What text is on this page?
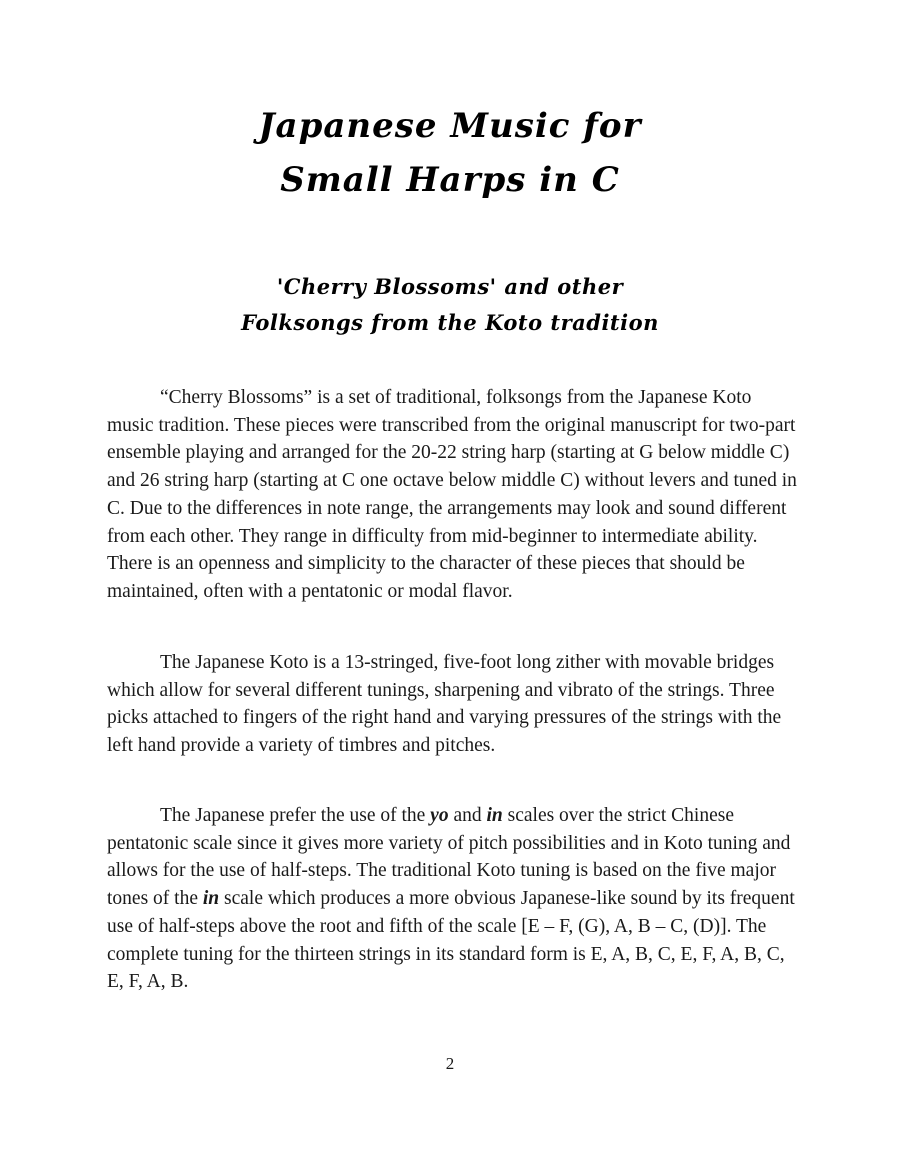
Japanese Music for
Small Harps in C
'Cherry Blossoms' and other
Folksongs from the Koto tradition

“Cherry Blossoms” is a set of traditional, folksongs from the Japanese Koto music tradition. These pieces were transcribed from the original manuscript for two-part ensemble playing and arranged for the 20-22 string harp (starting at G below middle C) and 26 string harp (starting at C one octave below middle C) without levers and tuned in C. Due to the differences in note range, the arrangements may look and sound different from each other. They range in difficulty from mid-beginner to intermediate ability. There is an openness and simplicity to the character of these pieces that should be maintained, often with a pentatonic or modal flavor.

The Japanese Koto is a 13-stringed, five-foot long zither with movable bridges which allow for several different tunings, sharpening and vibrato of the strings. Three picks attached to fingers of the right hand and varying pressures of the strings with the left hand provide a variety of timbres and pitches.

The Japanese prefer the use of the yo and in scales over the strict Chinese pentatonic scale since it gives more variety of pitch possibilities and in Koto tuning and allows for the use of half-steps. The traditional Koto tuning is based on the five major tones of the in scale which produces a more obvious Japanese-like sound by its frequent use of half-steps above the root and fifth of the scale [E – F, (G), A, B – C, (D)]. The complete tuning for the thirteen strings in its standard form is E, A, B, C, E, F, A, B, C, E, F, A, B.

2
